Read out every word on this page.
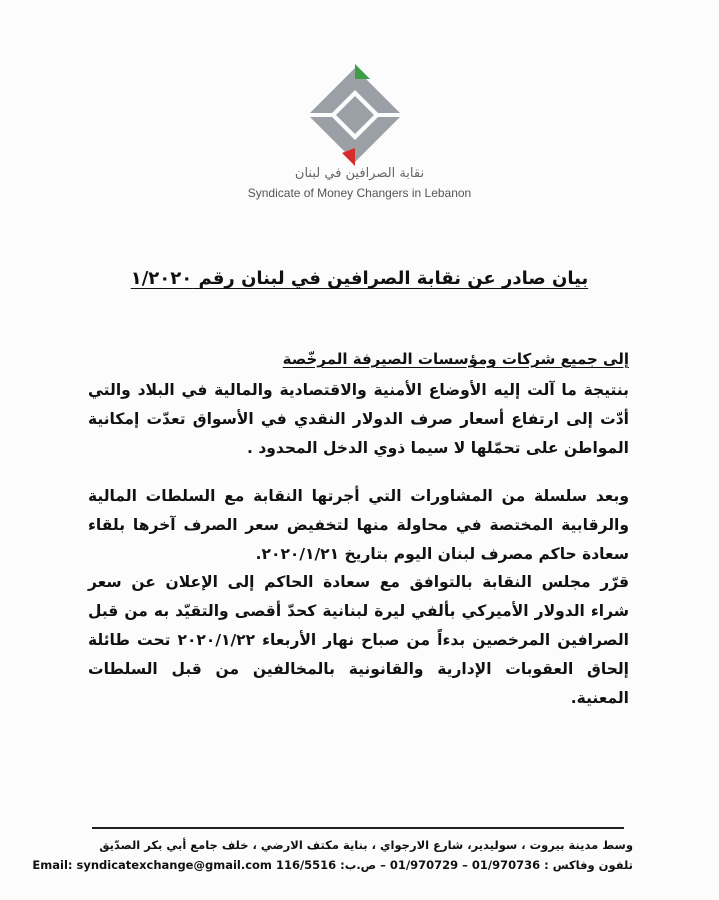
نقابة الصرافين في لبنان
Syndicate of Money Changers in Lebanon
بيان صادر عن نقابة الصرافين في لبنان رقم ١/٢٠٢٠
إلى جميع شركات ومؤسسات الصيرفة المرخّصة
بنتيجة ما آلت إليه الأوضاع الأمنية والاقتصادية والمالية في البلاد والتي أدّت إلى ارتفاع أسعار صرف الدولار النقدي في الأسواق تعدّت إمكانية المواطن على تحمّلها لا سيما ذوي الدخل المحدود .
وبعد سلسلة من المشاورات التي أجرتها النقابة مع السلطات المالية والرقابية المختصة في محاولة منها لتخفيض سعر الصرف آخرها بلقاء سعادة حاكم مصرف لبنان اليوم بتاريخ ٢٠٢٠/١/٢١.
قرّر مجلس النقابة بالتوافق مع سعادة الحاكم إلى الإعلان عن سعر شراء الدولار الأميركي بألفي ليرة لبنانية كحدّ أقصى والتقيّد به من قبل الصرافين المرخصين بدءاً من صباح نهار الأربعاء ٢٠٢٠/١/٢٢ تحت طائلة إلحاق العقوبات الإدارية والقانونية بالمخالفين من قبل السلطات المعنية.
وسط مدينة بيروت ، سوليدير، شارع الارجواي ، بناية مكتف الارضي ، خلف جامع أبي بكر الصدّيق
تلفون وفاكس : 01/970736 – 01/970729 – ص.ب: 116/5516 Email: syndicatexchange@gmail.com
